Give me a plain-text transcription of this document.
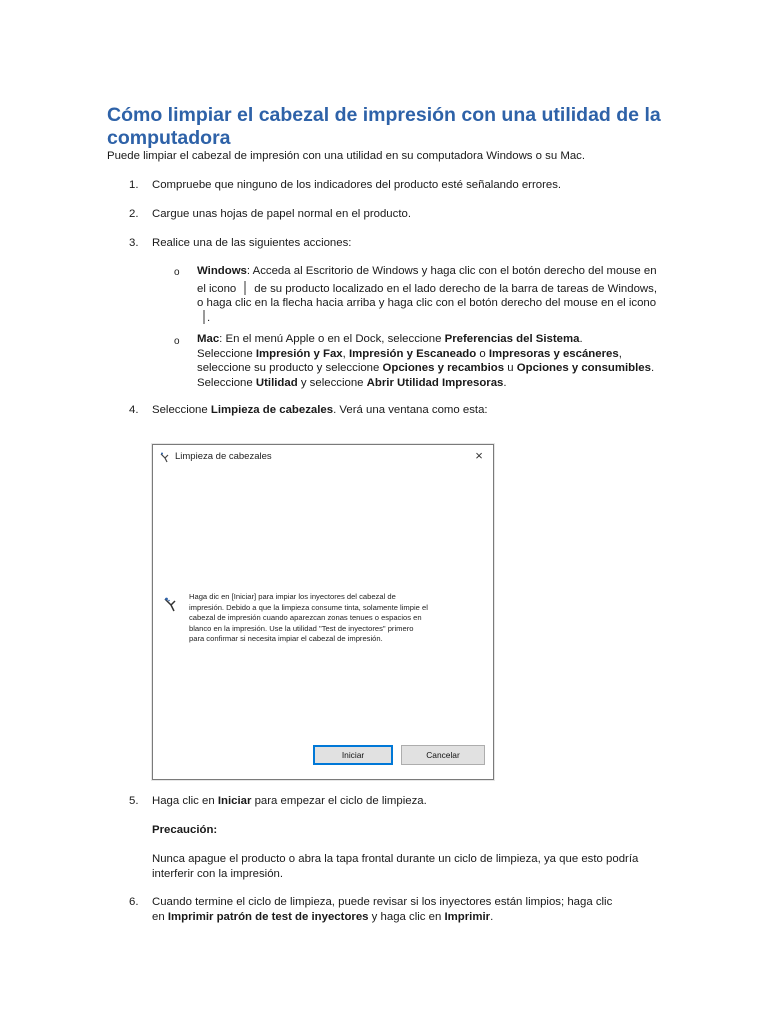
Cómo limpiar el cabezal de impresión con una utilidad de la computadora

Puede limpiar el cabezal de impresión con una utilidad en su computadora Windows o su Mac.

1. Compruebe que ninguno de los indicadores del producto esté señalando errores.
2. Cargue unas hojas de papel normal en el producto.
3. Realice una de las siguientes acciones:
o Windows: Acceda al Escritorio de Windows y haga clic con el botón derecho del mouse en
el icono de su producto localizado en el lado derecho de la barra de tareas de Windows,
o haga clic en la flecha hacia arriba y haga clic con el botón derecho del mouse en el icono
.
o Mac: En el menú Apple o en el Dock, seleccione Preferencias del Sistema.
Seleccione Impresión y Fax, Impresión y Escaneado o Impresoras y escáneres,
seleccione su producto y seleccione Opciones y recambios u Opciones y consumibles.
Seleccione Utilidad y seleccione Abrir Utilidad Impresoras.
4. Seleccione Limpieza de cabezales. Verá una ventana como esta:
Limpieza de cabezales	×
Haga dic en [Iniciar] para impiar los inyectores del cabezal de
impresión. Debido a que la limpieza consume tinta, solamente limpie el
cabezal de impresión cuando aparezcan zonas tenues o espacios en
blanco en la impresión. Use la utilidad "Test de inyectores" primero
para confirmar si necesita impiar el cabezal de impresión.
Iniciar	Cancelar
5. Haga clic en Iniciar para empezar el ciclo de limpieza.
Precaución:
Nunca apague el producto o abra la tapa frontal durante un ciclo de limpieza, ya que esto podría
interferir con la impresión.
6. Cuando termine el ciclo de limpieza, puede revisar si los inyectores están limpios; haga clic
en Imprimir patrón de test de inyectores y haga clic en Imprimir.
